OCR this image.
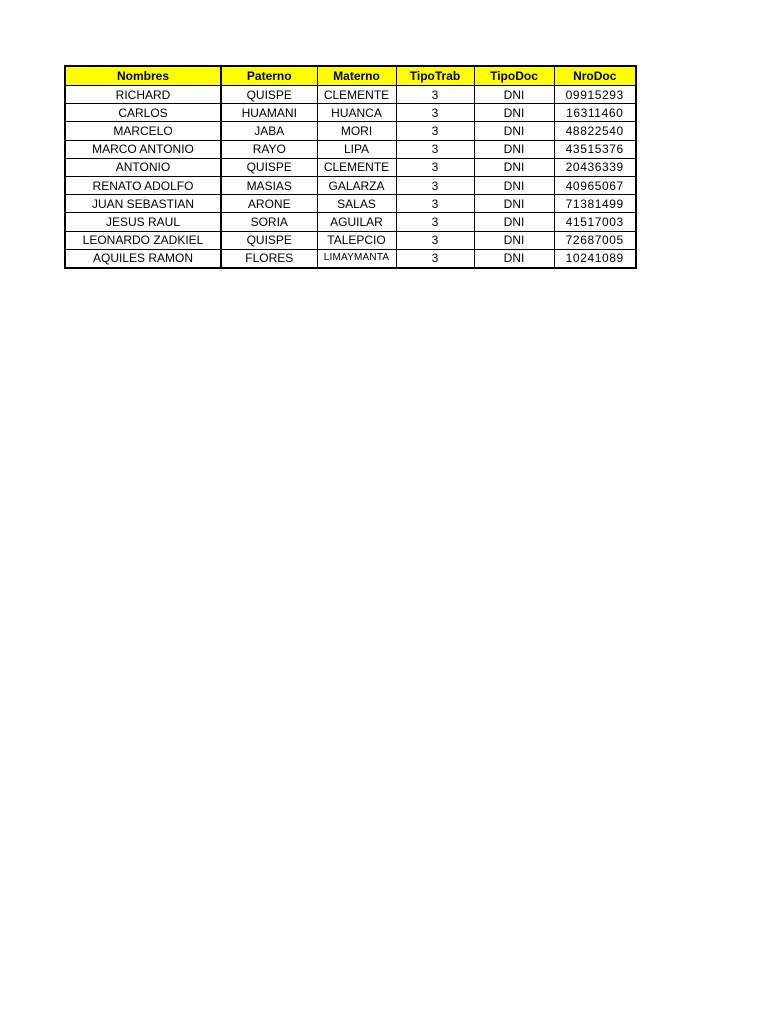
Nombres	Paterno	Materno	TipoTrab	TipoDoc	NroDoc
RICHARD	QUISPE	CLEMENTE	3	DNI	09915293
CARLOS	HUAMANI	HUANCA	3	DNI	16311460
MARCELO	JABA	MORI	3	DNI	48822540
MARCO ANTONIO	RAYO	LIPA	3	DNI	43515376
ANTONIO	QUISPE	CLEMENTE	3	DNI	20436339
RENATO ADOLFO	MASIAS	GALARZA	3	DNI	40965067
JUAN SEBASTIAN	ARONE	SALAS	3	DNI	71381499
JESUS RAUL	SORIA	AGUILAR	3	DNI	41517003
LEONARDO ZADKIEL	QUISPE	TALEPCIO	3	DNI	72687005
AQUILES RAMON	FLORES	LIMAYMANTA	3	DNI	10241089
